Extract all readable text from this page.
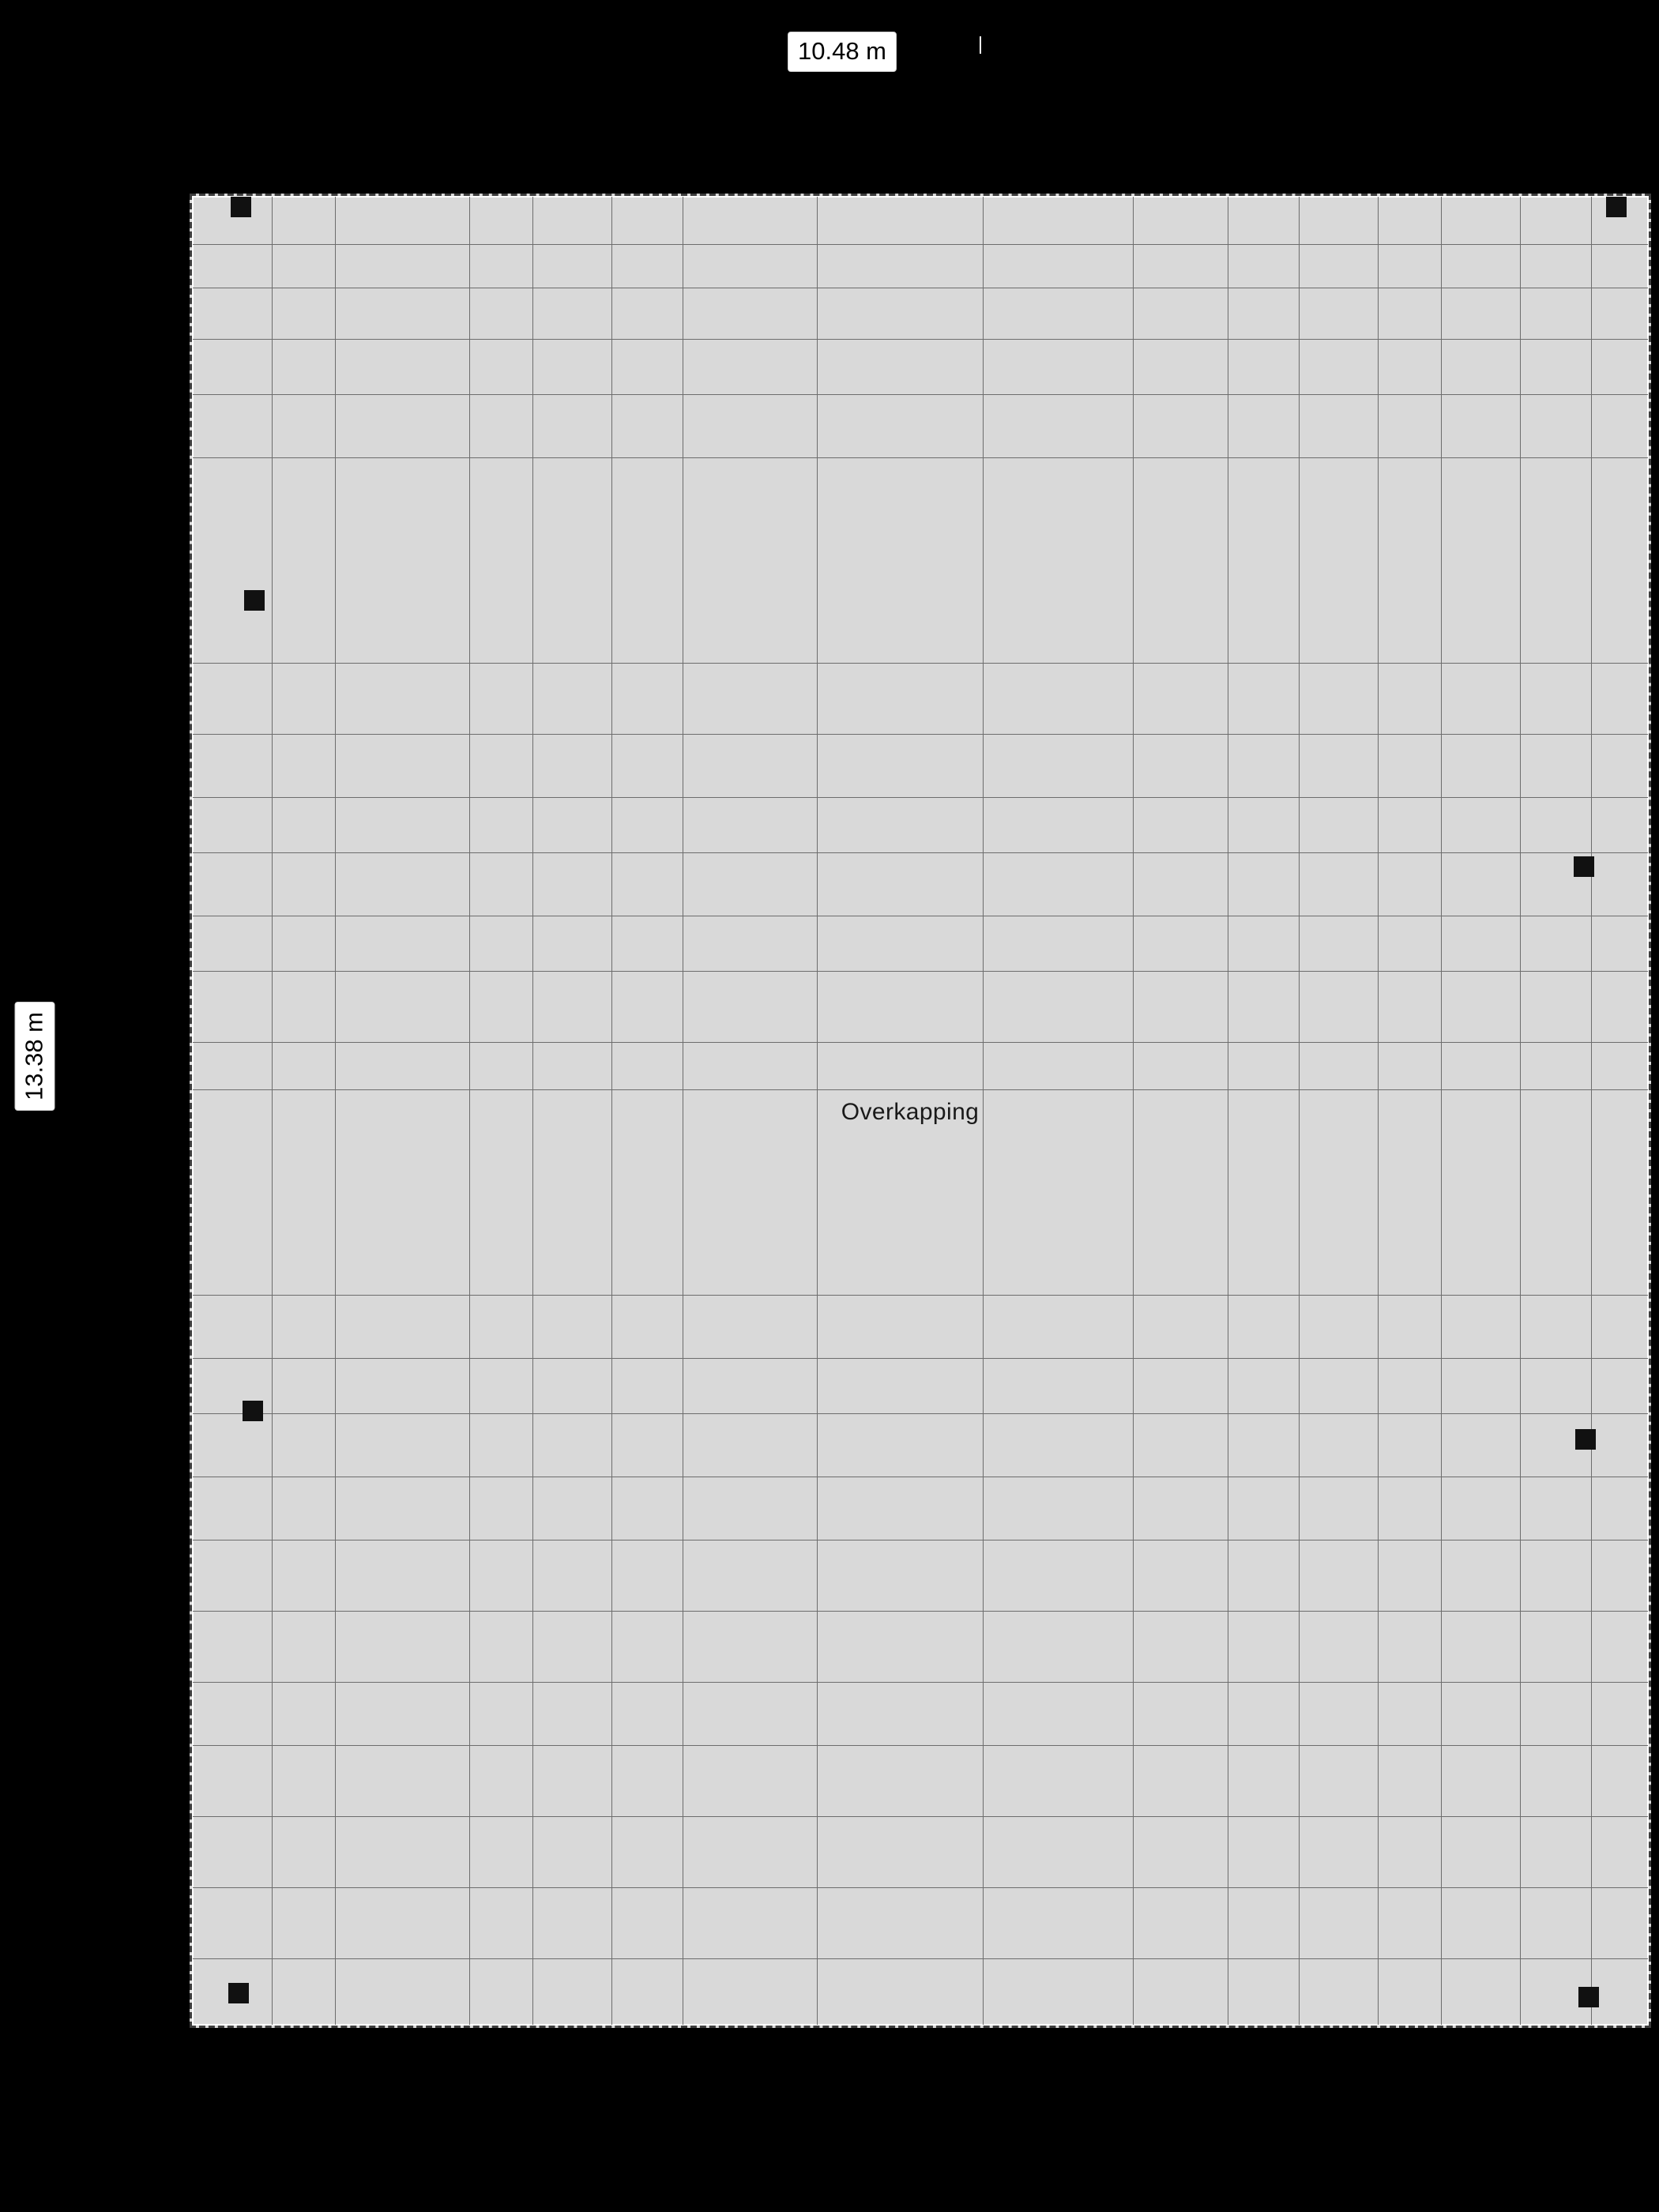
10.48 m
13.38 m
Overkapping
